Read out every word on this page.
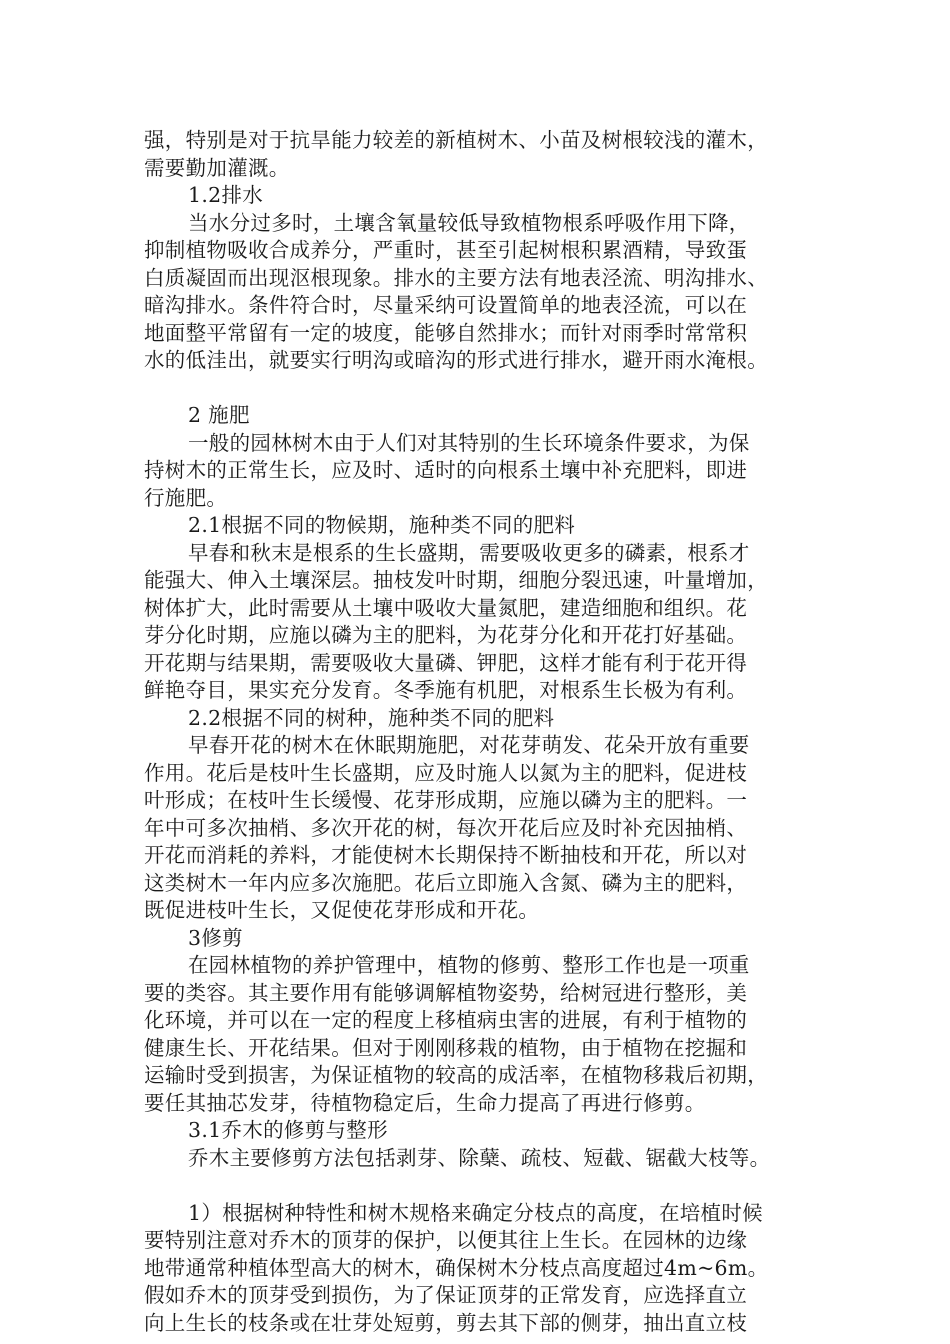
强，特别是对于抗旱能力较差的新植树木、小苗及树根较浅的灌木，
需要勤加灌溉。
1.2排水
当水分过多时，土壤含氧量较低导致植物根系呼吸作用下降，
抑制植物吸收合成养分，严重时，甚至引起树根积累酒精，导致蛋
白质凝固而出现沤根现象。排水的主要方法有地表泾流、明沟排水、
暗沟排水。条件符合时，尽量采纳可设置简单的地表泾流，可以在
地面整平常留有一定的坡度，能够自然排水；而针对雨季时常常积
水的低洼出，就要实行明沟或暗沟的形式进行排水，避开雨水淹根。
2 施肥
一般的园林树木由于人们对其特别的生长环境条件要求，为保
持树木的正常生长，应及时、适时的向根系土壤中补充肥料，即进
行施肥。
2.1根据不同的物候期，施种类不同的肥料
早春和秋末是根系的生长盛期，需要吸收更多的磷素，根系才
能强大、伸入土壤深层。抽枝发叶时期，细胞分裂迅速，叶量增加，
树体扩大，此时需要从土壤中吸收大量氮肥，建造细胞和组织。花
芽分化时期，应施以磷为主的肥料，为花芽分化和开花打好基础。
开花期与结果期，需要吸收大量磷、钾肥，这样才能有利于花开得
鲜艳夺目，果实充分发育。冬季施有机肥，对根系生长极为有利。
2.2根据不同的树种，施种类不同的肥料
早春开花的树木在休眠期施肥，对花芽萌发、花朵开放有重要
作用。花后是枝叶生长盛期，应及时施人以氮为主的肥料，促进枝
叶形成；在枝叶生长缓慢、花芽形成期，应施以磷为主的肥料。一
年中可多次抽梢、多次开花的树，每次开花后应及时补充因抽梢、
开花而消耗的养料，才能使树木长期保持不断抽枝和开花，所以对
这类树木一年内应多次施肥。花后立即施入含氮、磷为主的肥料，
既促进枝叶生长，又促使花芽形成和开花。
3修剪
在园林植物的养护管理中，植物的修剪、整形工作也是一项重
要的类容。其主要作用有能够调解植物姿势，给树冠进行整形，美
化环境，并可以在一定的程度上移植病虫害的进展，有利于植物的
健康生长、开花结果。但对于刚刚移栽的植物，由于植物在挖掘和
运输时受到损害，为保证植物的较高的成活率，在植物移栽后初期，
要任其抽芯发芽，待植物稳定后，生命力提高了再进行修剪。
3.1乔木的修剪与整形
乔木主要修剪方法包括剥芽、除蘖、疏枝、短截、锯截大枝等。
1）根据树种特性和树木规格来确定分枝点的高度，在培植时候
要特别注意对乔木的顶芽的保护，以便其往上生长。在园林的边缘
地带通常种植体型高大的树木，确保树木分枝点高度超过4m~6m。
假如乔木的顶芽受到损伤，为了保证顶芽的正常发育，应选择直立
向上生长的枝条或在壮芽处短剪，剪去其下部的侧芽，抽出直立枝
